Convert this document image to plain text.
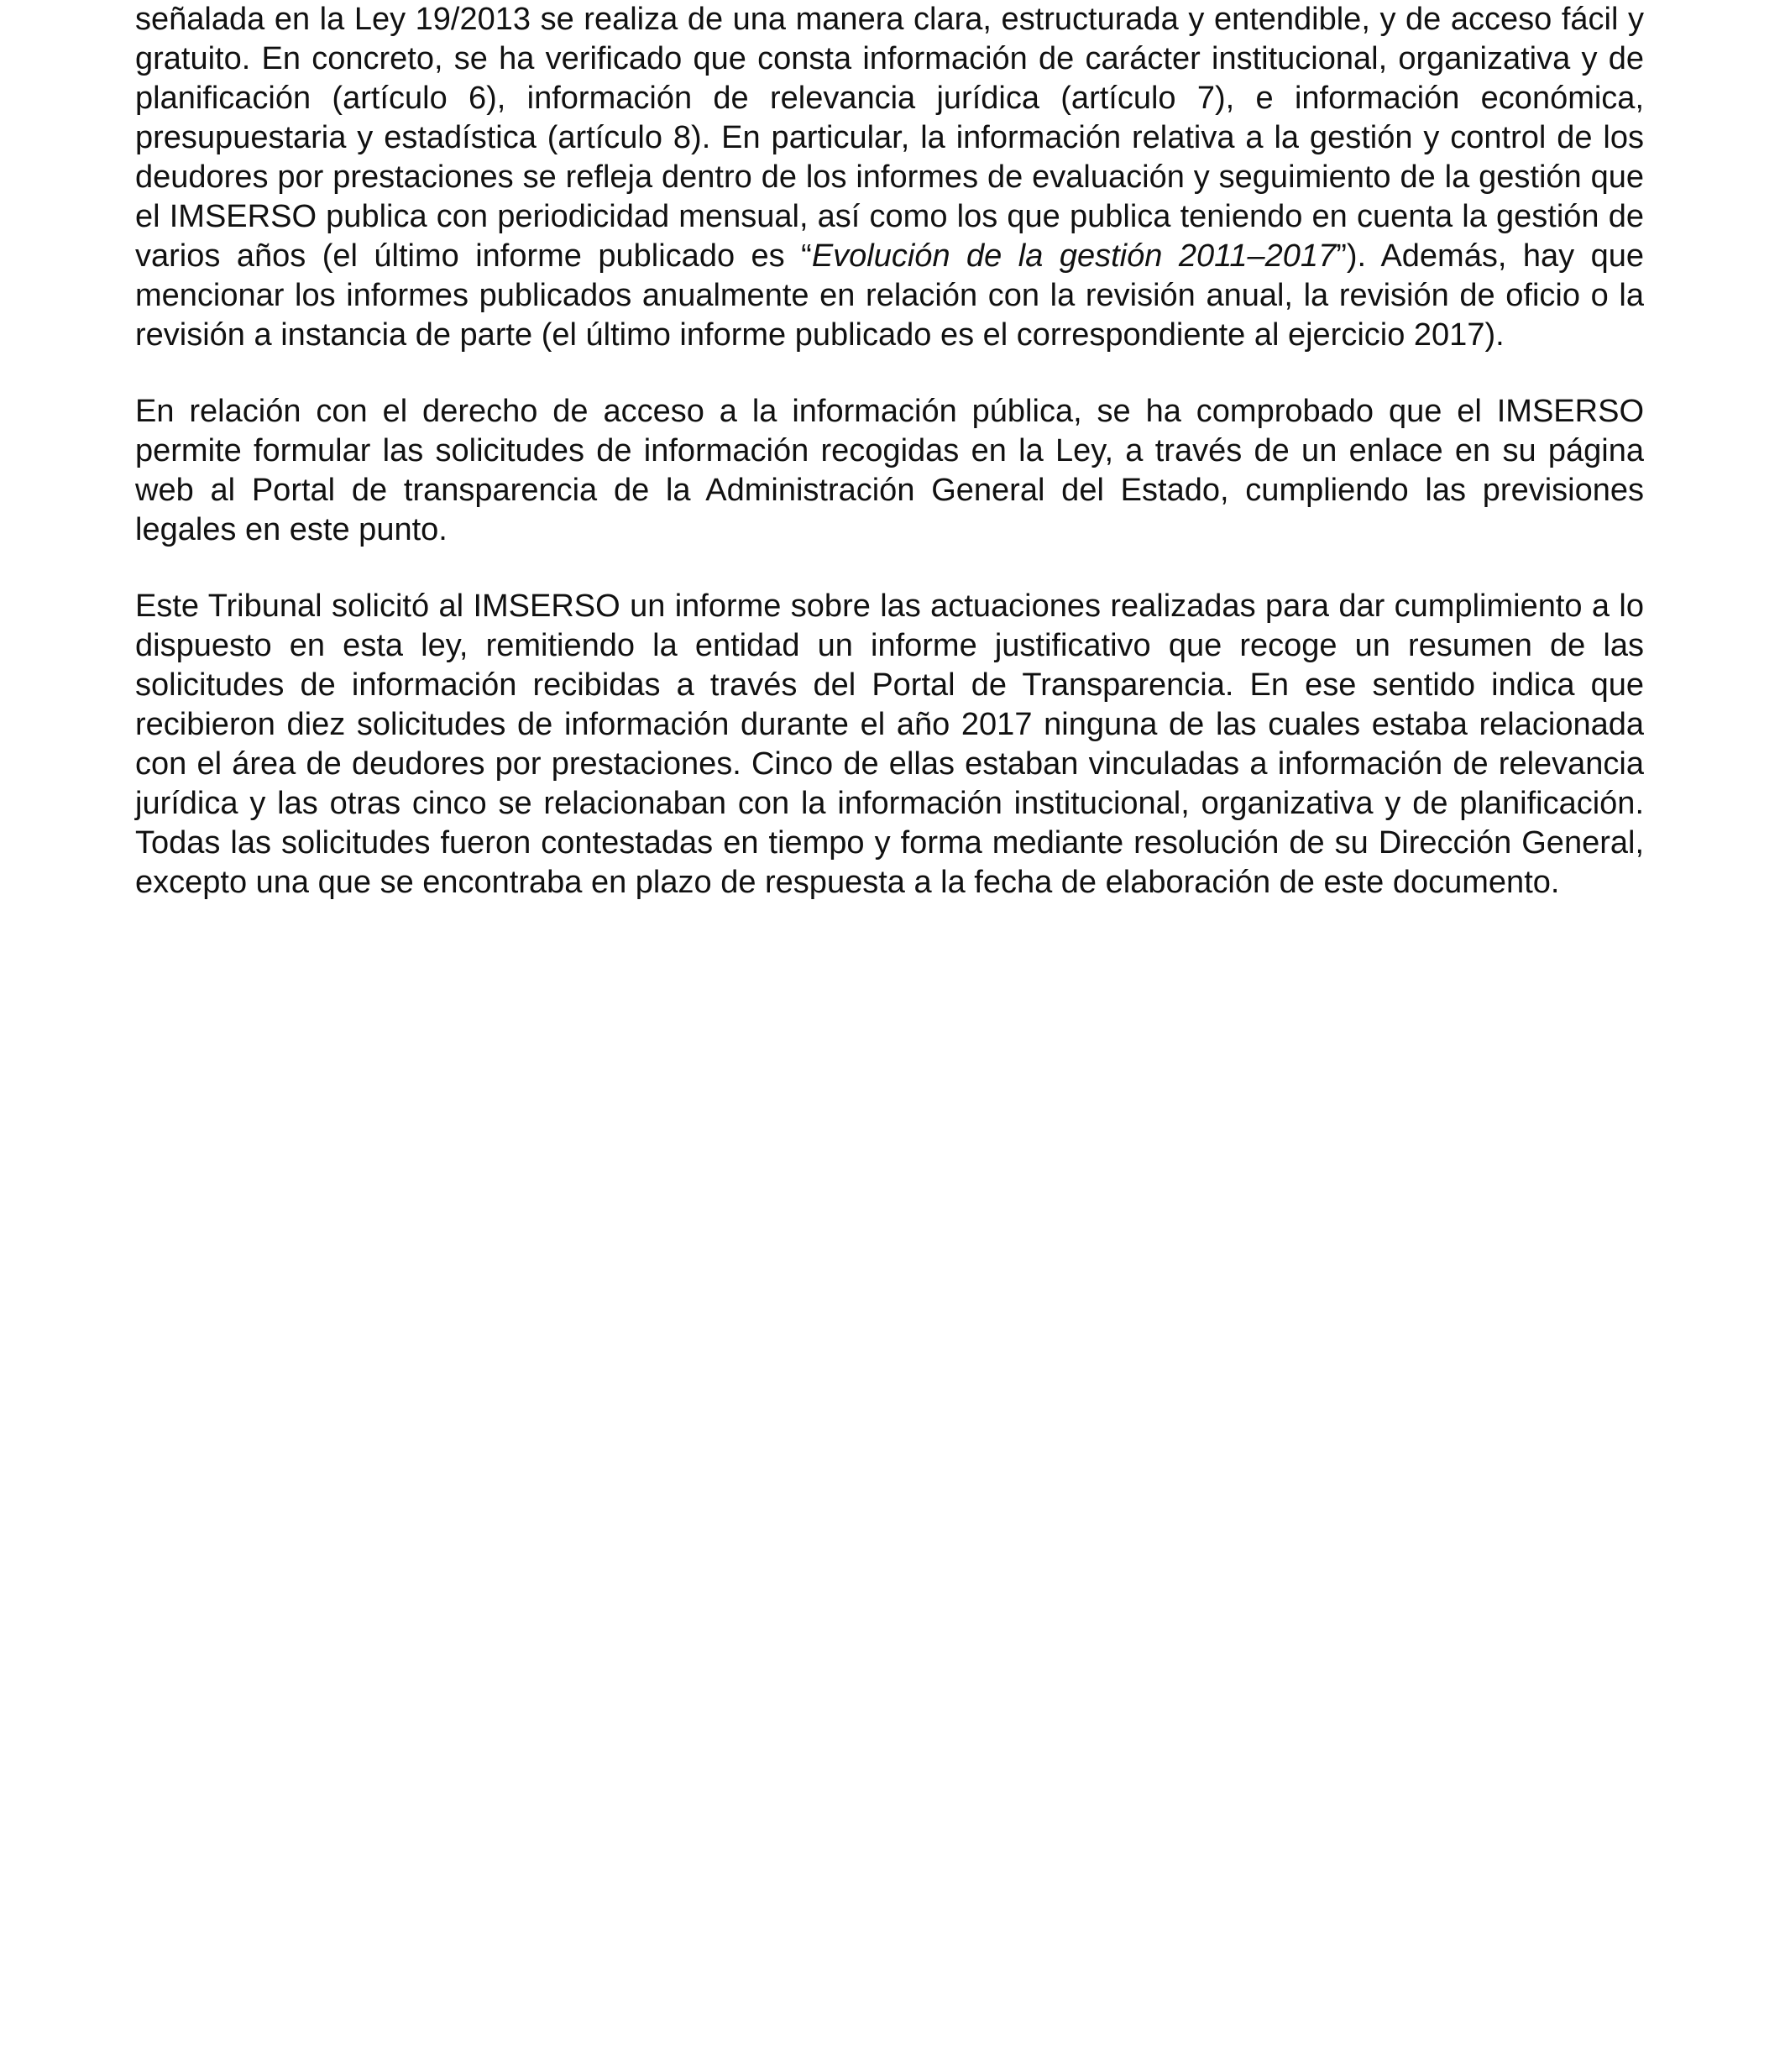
señalada en la Ley 19/2013 se realiza de una manera clara, estructurada y entendible, y de acceso fácil y gratuito. En concreto, se ha verificado que consta información de carácter institucional, organizativa y de planificación (artículo 6), información de relevancia jurídica (artículo 7), e información económica, presupuestaria y estadística (artículo 8). En particular, la información relativa a la gestión y control de los deudores por prestaciones se refleja dentro de los informes de evaluación y seguimiento de la gestión que el IMSERSO publica con periodicidad mensual, así como los que publica teniendo en cuenta la gestión de varios años (el último informe publicado es “Evolución de la gestión 2011–2017”). Además, hay que mencionar los informes publicados anualmente en relación con la revisión anual, la revisión de oficio o la revisión a instancia de parte (el último informe publicado es el correspondiente al ejercicio 2017).

En relación con el derecho de acceso a la información pública, se ha comprobado que el IMSERSO permite formular las solicitudes de información recogidas en la Ley, a través de un enlace en su página web al Portal de transparencia de la Administración General del Estado, cumpliendo las previsiones legales en este punto.

Este Tribunal solicitó al IMSERSO un informe sobre las actuaciones realizadas para dar cumplimiento a lo dispuesto en esta ley, remitiendo la entidad un informe justificativo que recoge un resumen de las solicitudes de información recibidas a través del Portal de Transparencia. En ese sentido indica que recibieron diez solicitudes de información durante el año 2017 ninguna de las cuales estaba relacionada con el área de deudores por prestaciones. Cinco de ellas estaban vinculadas a información de relevancia jurídica y las otras cinco se relacionaban con la información institucional, organizativa y de planificación. Todas las solicitudes fueron contestadas en tiempo y forma mediante resolución de su Dirección General, excepto una que se encontraba en plazo de respuesta a la fecha de elaboración de este documento.
